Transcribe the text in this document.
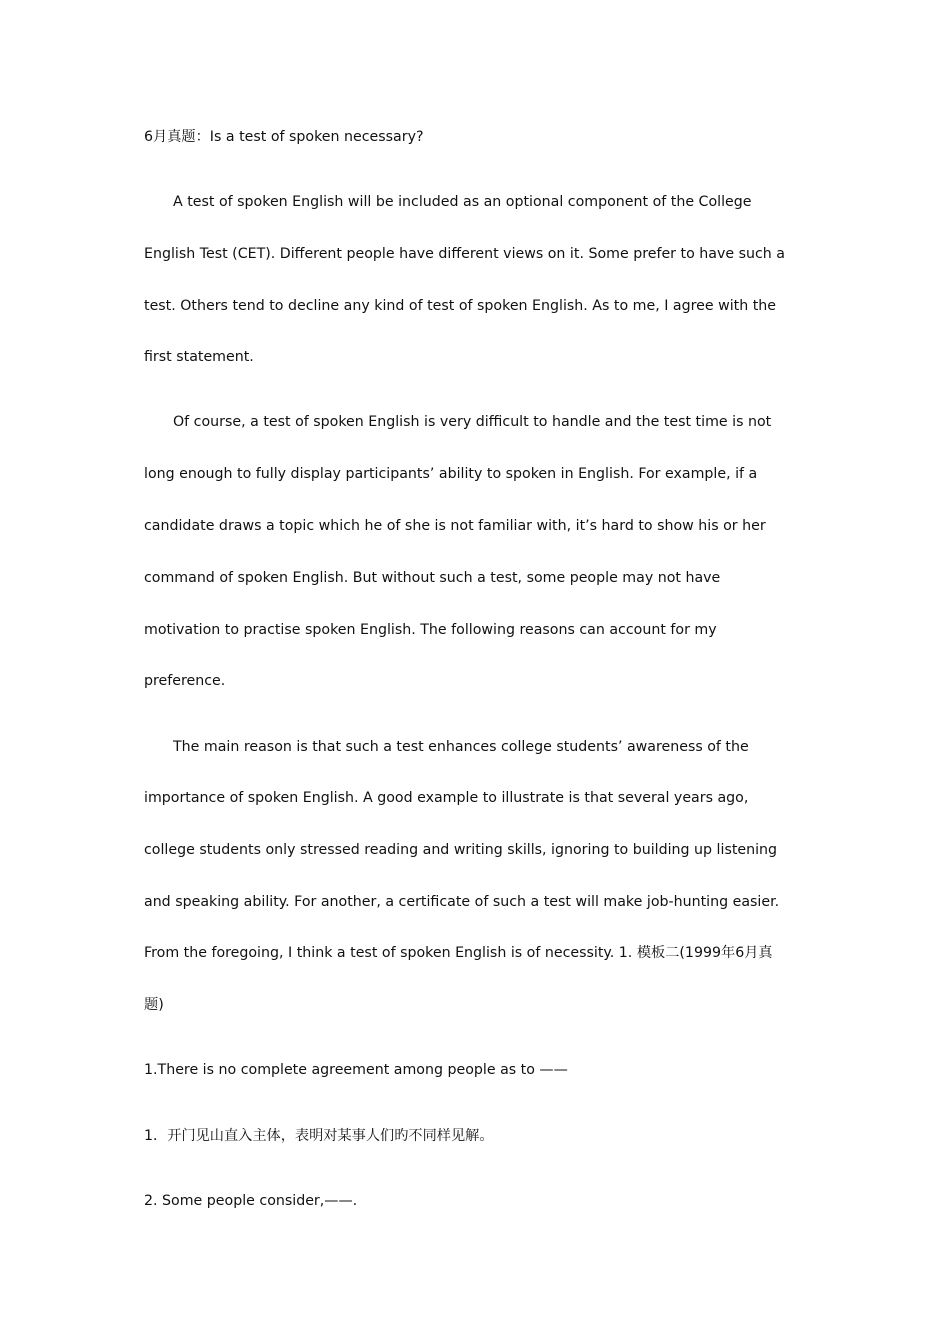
6月真题：Is a test of spoken necessary?
A test of spoken English will be included as an optional component of the College
English Test (CET). Different people have different views on it. Some prefer to have such a
test. Others tend to decline any kind of test of spoken English. As to me, I agree with the
first statement.
Of course, a test of spoken English is very difficult to handle and the test time is not
long enough to fully display participants’ ability to spoken in English. For example, if a
candidate draws a topic which he of she is not familiar with, it’s hard to show his or her
command of spoken English. But without such a test, some people may not have
motivation to practise spoken English. The following reasons can account for my
preference.
The main reason is that such a test enhances college students’ awareness of the
importance of spoken English. A good example to illustrate is that several years ago,
college students only stressed reading and writing skills, ignoring to building up listening
and speaking ability. For another, a certificate of such a test will make job-hunting easier.
From the foregoing, I think a test of spoken English is of necessity. 1. 模板二(1999年6月真
题)
1.There is no complete agreement among people as to ——
1．开门见山直入主体，表明对某事人们旳不同样见解。
2. Some people consider,——.
